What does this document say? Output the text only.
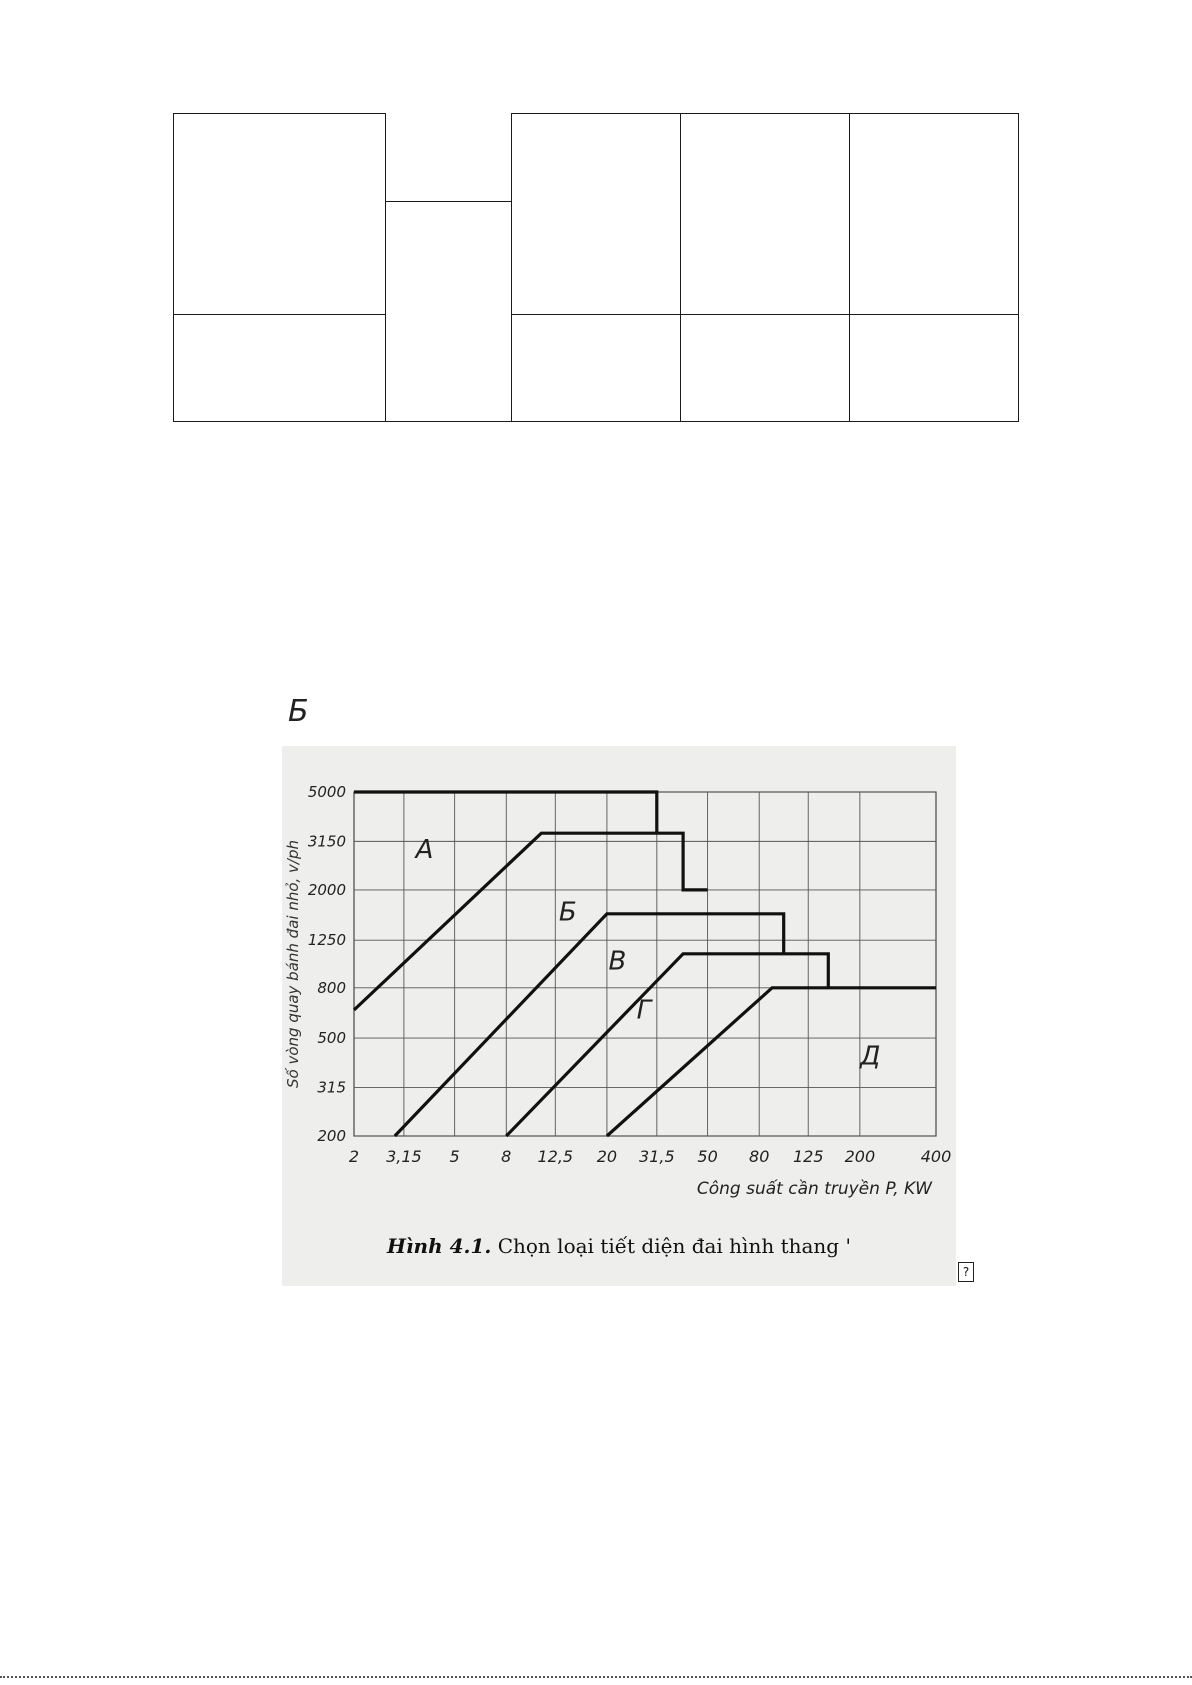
Б
2 3,15 5	8 12,5 20 31,5 50 80 125 200	400
5000
3150
2000
1250
800
500
315
200
А
Б
В
Г
Д
Công suất cần truyền P, KW
Số vòng quay bánh đai nhỏ, v/ph
Hình 4.1. Chọn loại tiết diện đai hình thang '
?
